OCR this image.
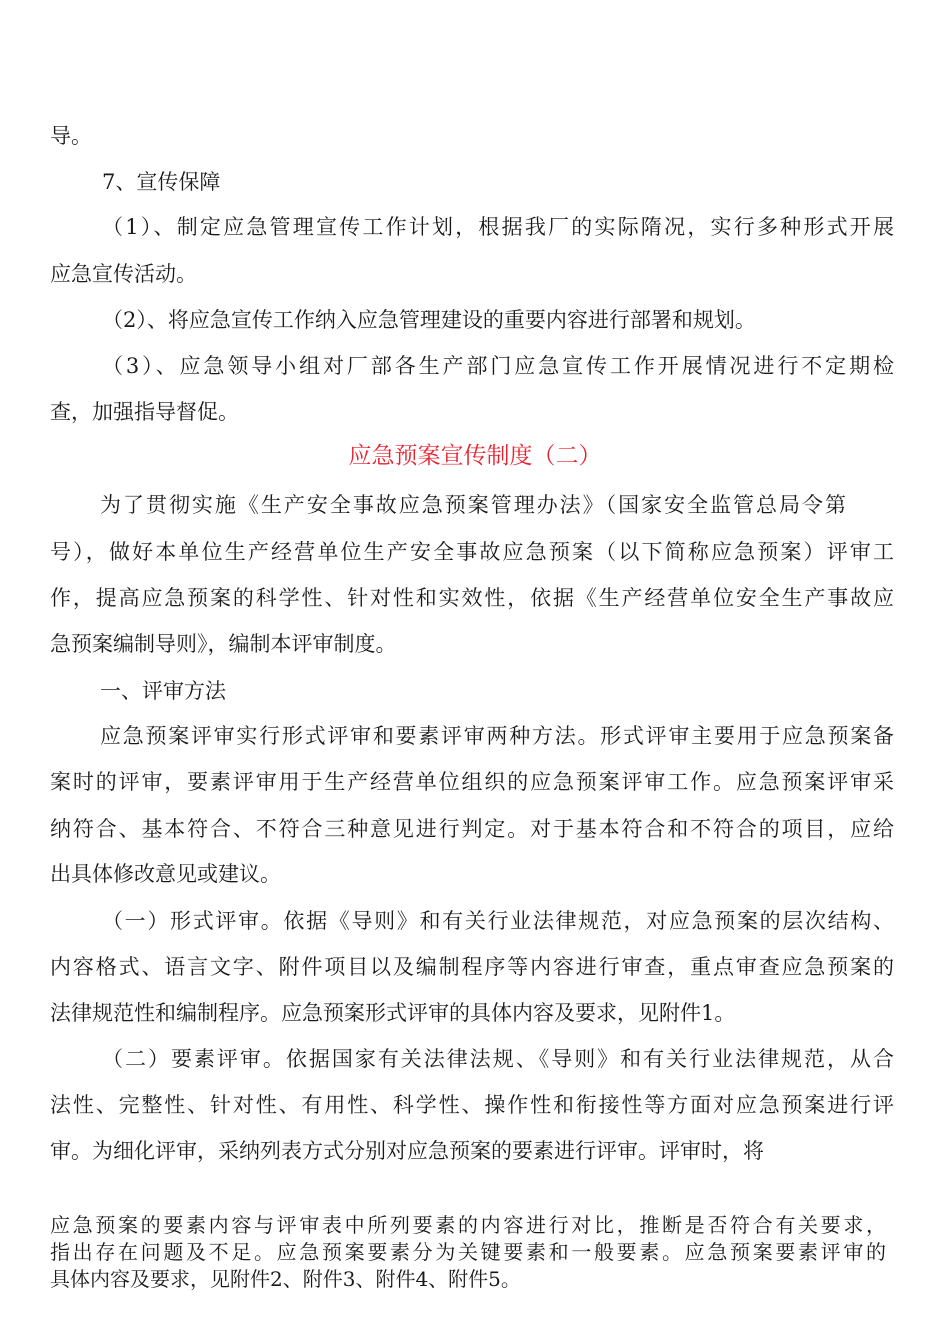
导。
7、宣传保障
（1）、制定应急管理宣传工作计划，根据我厂的实际隋况，实行多种形式开展
应急宣传活动。
（2）、将应急宣传工作纳入应急管理建设的重要内容进行部署和规划。
（3）、应急领导小组对厂部各生产部门应急宣传工作开展情况进行不定期检
查，加强指导督促。
应急预案宣传制度（二）
为了贯彻实施《生产安全事故应急预案管理办法》（国家安全监管总局令第
号），做好本单位生产经营单位生产安全事故应急预案（以下简称应急预案）评审工
作，提高应急预案的科学性、针对性和实效性，依据《生产经营单位安全生产事故应
急预案编制导则》，编制本评审制度。
一、评审方法
应急预案评审实行形式评审和要素评审两种方法。形式评审主要用于应急预案备
案时的评审，要素评审用于生产经营单位组织的应急预案评审工作。应急预案评审采
纳符合、基本符合、不符合三种意见进行判定。对于基本符合和不符合的项目，应给
出具体修改意见或建议。
（一）形式评审。依据《导则》和有关行业法律规范，对应急预案的层次结构、
内容格式、语言文字、附件项目以及编制程序等内容进行审查，重点审查应急预案的
法律规范性和编制程序。应急预案形式评审的具体内容及要求，见附件1。
（二）要素评审。依据国家有关法律法规、《导则》和有关行业法律规范，从合
法性、完整性、针对性、有用性、科学性、操作性和衔接性等方面对应急预案进行评
审。为细化评审，采纳列表方式分别对应急预案的要素进行评审。评审时，将
应急预案的要素内容与评审表中所列要素的内容进行对比，推断是否符合有关要求，
指出存在问题及不足。应急预案要素分为关键要素和一般要素。应急预案要素评审的
具体内容及要求，见附件2、附件3、附件4、附件5。
